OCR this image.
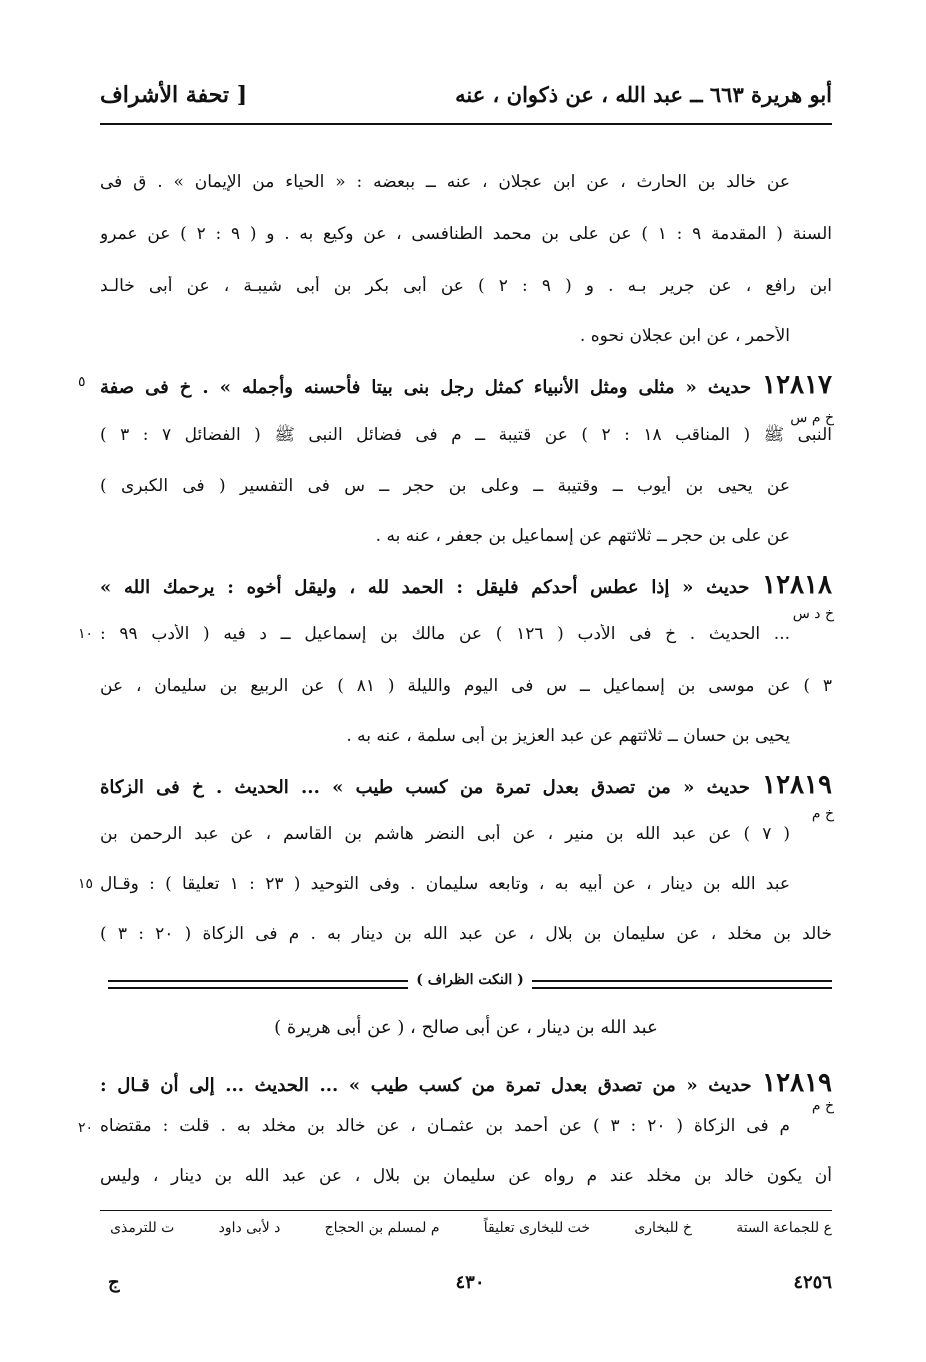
أبو هريرة ٦٦٣ ــ عبد الله ، عن ذكوان ، عنه
[ تحفة الأشراف
عن خالد بن الحارث ، عن ابن عجلان ، عنه ــ ببعضه : « الحياء من الإيمان » . ق فى
السنة ( المقدمة ٩ : ١ ) عن على بن محمد الطنافسى ، عن وكيع به . و ( ٩ : ٢ ) عن عمرو
ابن رافع ، عن جرير بـه . و ( ٩ : ٢ ) عن أبى بكر بن أبى شيبـة ، عن أبى خالـد
الأحمر ، عن ابن عجلان نحوه .
١٢٨١٧ حديث « مثلى ومثل الأنبياء كمثل رجل بنى بيتا فأحسنه وأجمله » . خ فى صفة
خ م س
٥
النبى ﷺ ( المناقب ١٨ : ٢ ) عن قتيبة ــ م فى فضائل النبى ﷺ ( الفضائل ٧ : ٣ )
عن يحيى بن أيوب ــ وقتيبة ــ وعلى بن حجر ــ س فى التفسير ( فى الكبرى )
عن على بن حجر ــ ثلاثتهم عن إسماعيل بن جعفر ، عنه به .
١٢٨١٨ حديث « إذا عطس أحدكم فليقل : الحمد لله ، وليقل أخوه : يرحمك الله »
خ د س
١٠ ... الحديث . خ فى الأدب ( ١٢٦ ) عن مالك بن إسماعيل ــ د فيه ( الأدب ٩٩ :
٣ ) عن موسى بن إسماعيل ــ س فى اليوم والليلة ( ٨١ ) عن الربيع بن سليمان ، عن
يحيى بن حسان ــ ثلاثتهم عن عبد العزيز بن أبى سلمة ، عنه به .
١٢٨١٩ حديث « من تصدق بعدل تمرة من كسب طيب » ... الحديث . خ فى الزكاة
خ م
١٥
( ٧ ) عن عبد الله بن منير ، عن أبى النضر هاشم بن القاسم ، عن عبد الرحمن بن
عبد الله بن دينار ، عن أبيه به ، وتابعه سليمان . وفى التوحيد ( ٢٣ : ١ تعليقا ) : وقـال
خالد بن مخلد ، عن سليمان بن بلال ، عن عبد الله بن دينار به . م فى الزكاة ( ٢٠ : ٣ )
( النكت الظراف )
عبد الله بن دينار ، عن أبى صالح ، ( عن أبى هريرة )
١٢٨١٩ حديث « من تصدق بعدل تمرة من كسب طيب » ... الحديث ... إلى أن قـال :
خ م
٢٠ م فى الزكاة ( ٢٠ : ٣ ) عن أحمد بن عثمـان ، عن خالد بن مخلد به . قلت : مقتضاه
أن يكون خالد بن مخلد عند م رواه عن سليمان بن بلال ، عن عبد الله بن دينار ، وليس
ع للجماعة الستة
خ للبخارى
خت للبخارى تعليقاً
م لمسلم بن الحجاج
د لأبى داود
ت للترمذى
٤٢٥٦
٤٣٠
ج
